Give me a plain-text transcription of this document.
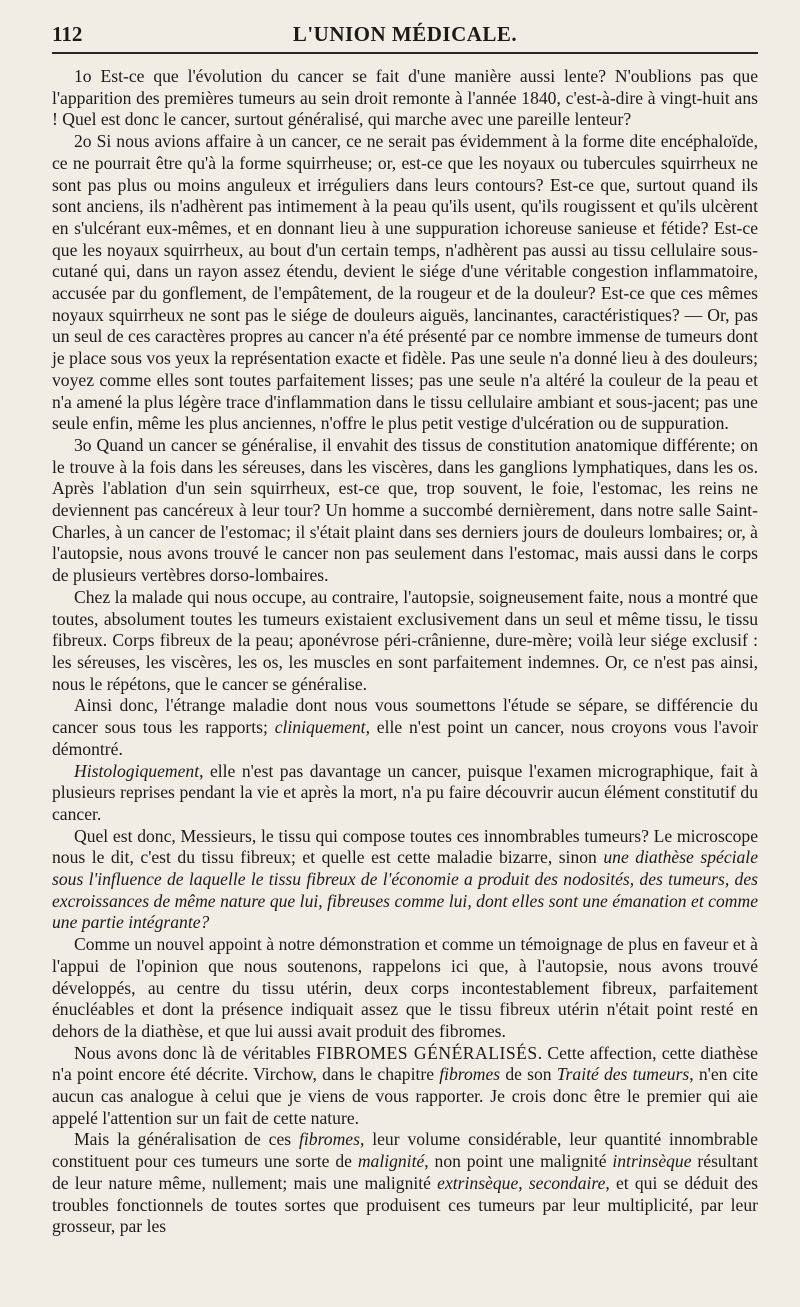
112	L'UNION MÉDICALE.

1o Est-ce que l'évolution du cancer se fait d'une manière aussi lente? N'oublions pas que l'apparition des premières tumeurs au sein droit remonte à l'année 1840, c'est-à-dire à vingt-huit ans ! Quel est donc le cancer, surtout généralisé, qui marche avec une pareille lenteur?

2o Si nous avions affaire à un cancer, ce ne serait pas évidemment à la forme dite encéphaloïde, ce ne pourrait être qu'à la forme squirrheuse; or, est-ce que les noyaux ou tubercules squirrheux ne sont pas plus ou moins anguleux et irréguliers dans leurs contours? Est-ce que, surtout quand ils sont anciens, ils n'adhèrent pas intimement à la peau qu'ils usent, qu'ils rougissent et qu'ils ulcèrent en s'ulcérant eux-mêmes, et en donnant lieu à une suppuration ichoreuse sanieuse et fétide? Est-ce que les noyaux squirrheux, au bout d'un certain temps, n'adhèrent pas aussi au tissu cellulaire sous-cutané qui, dans un rayon assez étendu, devient le siége d'une véritable congestion inflammatoire, accusée par du gonflement, de l'empâtement, de la rougeur et de la douleur? Est-ce que ces mêmes noyaux squirrheux ne sont pas le siége de douleurs aiguës, lancinantes, caractéristiques? — Or, pas un seul de ces caractères propres au cancer n'a été présenté par ce nombre immense de tumeurs dont je place sous vos yeux la représentation exacte et fidèle. Pas une seule n'a donné lieu à des douleurs; voyez comme elles sont toutes parfaitement lisses; pas une seule n'a altéré la couleur de la peau et n'a amené la plus légère trace d'inflammation dans le tissu cellulaire ambiant et sous-jacent; pas une seule enfin, même les plus anciennes, n'offre le plus petit vestige d'ulcération ou de suppuration.

3o Quand un cancer se généralise, il envahit des tissus de constitution anatomique différente; on le trouve à la fois dans les séreuses, dans les viscères, dans les ganglions lymphatiques, dans les os. Après l'ablation d'un sein squirrheux, est-ce que, trop souvent, le foie, l'estomac, les reins ne deviennent pas cancéreux à leur tour? Un homme a succombé dernièrement, dans notre salle Saint-Charles, à un cancer de l'estomac; il s'était plaint dans ses derniers jours de douleurs lombaires; or, à l'autopsie, nous avons trouvé le cancer non pas seulement dans l'estomac, mais aussi dans le corps de plusieurs vertèbres dorso-lombaires.

Chez la malade qui nous occupe, au contraire, l'autopsie, soigneusement faite, nous a montré que toutes, absolument toutes les tumeurs existaient exclusivement dans un seul et même tissu, le tissu fibreux. Corps fibreux de la peau; aponévrose péri-crânienne, dure-mère; voilà leur siége exclusif : les séreuses, les viscères, les os, les muscles en sont parfaitement indemnes. Or, ce n'est pas ainsi, nous le répétons, que le cancer se généralise.

Ainsi donc, l'étrange maladie dont nous vous soumettons l'étude se sépare, se différencie du cancer sous tous les rapports; cliniquement, elle n'est point un cancer, nous croyons vous l'avoir démontré.

Histologiquement, elle n'est pas davantage un cancer, puisque l'examen micrographique, fait à plusieurs reprises pendant la vie et après la mort, n'a pu faire découvrir aucun élément constitutif du cancer.

Quel est donc, Messieurs, le tissu qui compose toutes ces innombrables tumeurs? Le microscope nous le dit, c'est du tissu fibreux; et quelle est cette maladie bizarre, sinon une diathèse spéciale sous l'influence de laquelle le tissu fibreux de l'économie a produit des nodosités, des tumeurs, des excroissances de même nature que lui, fibreuses comme lui, dont elles sont une émanation et comme une partie intégrante?

Comme un nouvel appoint à notre démonstration et comme un témoignage de plus en faveur et à l'appui de l'opinion que nous soutenons, rappelons ici que, à l'autopsie, nous avons trouvé développés, au centre du tissu utérin, deux corps incontestablement fibreux, parfaitement énucléables et dont la présence indiquait assez que le tissu fibreux utérin n'était point resté en dehors de la diathèse, et que lui aussi avait produit des fibromes.

Nous avons donc là de véritables FIBROMES GÉNÉRALISÉS. Cette affection, cette diathèse n'a point encore été décrite. Virchow, dans le chapitre fibromes de son Traité des tumeurs, n'en cite aucun cas analogue à celui que je viens de vous rapporter. Je crois donc être le premier qui aie appelé l'attention sur un fait de cette nature.

Mais la généralisation de ces fibromes, leur volume considérable, leur quantité innombrable constituent pour ces tumeurs une sorte de malignité, non point une malignité intrinsèque résultant de leur nature même, nullement; mais une malignité extrinsèque, secondaire, et qui se déduit des troubles fonctionnels de toutes sortes que produisent ces tumeurs par leur multiplicité, par leur grosseur, par les
